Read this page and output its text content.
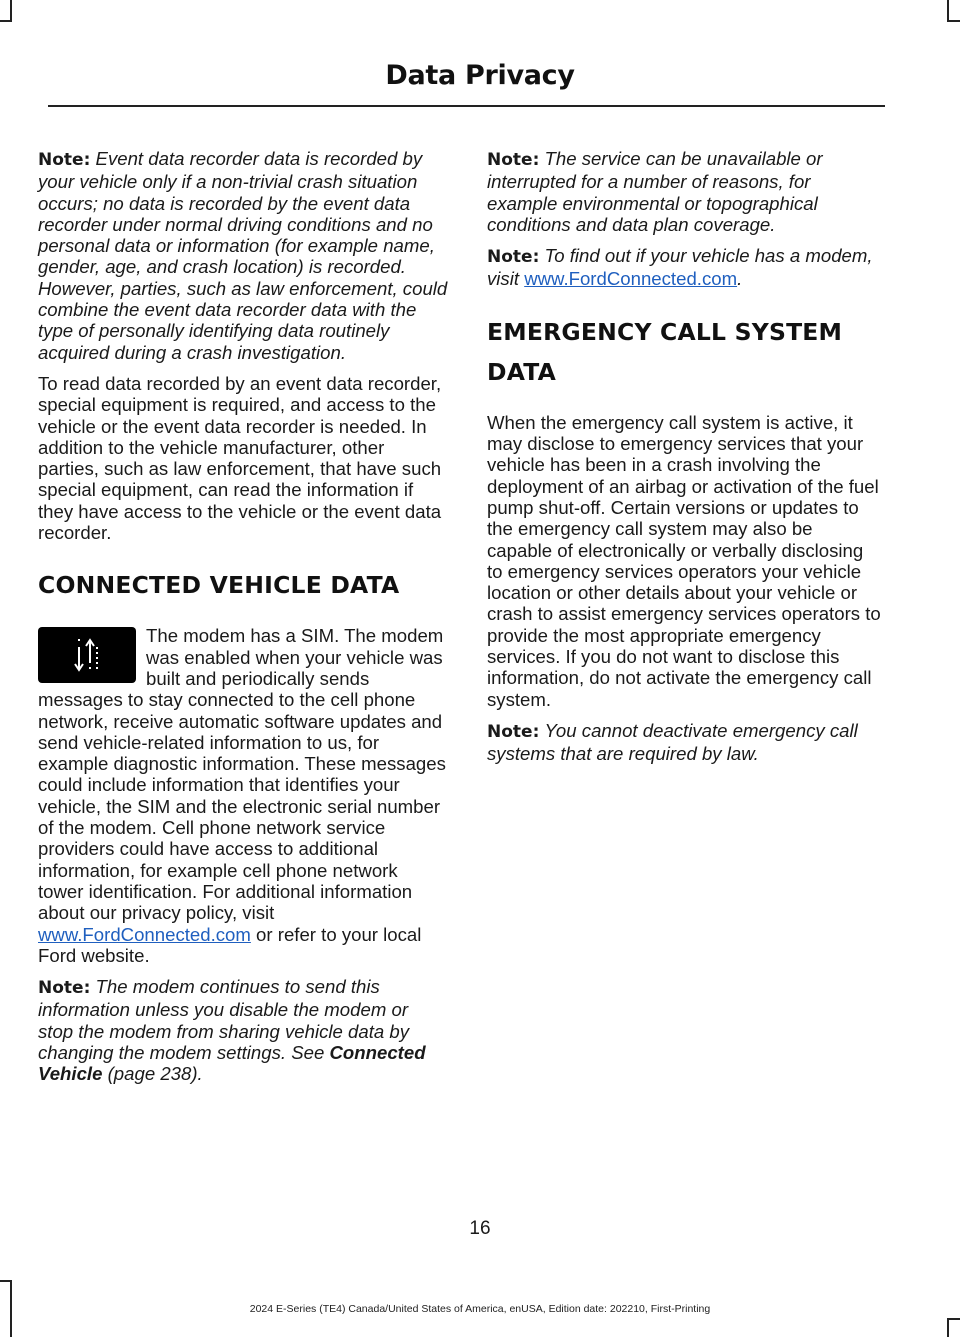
Data Privacy

Note: Event data recorder data is recorded by your vehicle only if a non-trivial crash situation occurs; no data is recorded by the event data recorder under normal driving conditions and no personal data or information (for example name, gender, age, and crash location) is recorded. However, parties, such as law enforcement, could combine the event data recorder data with the type of personally identifying data routinely acquired during a crash investigation.

To read data recorded by an event data recorder, special equipment is required, and access to the vehicle or the event data recorder is needed. In addition to the vehicle manufacturer, other parties, such as law enforcement, that have such special equipment, can read the information if they have access to the vehicle or the event data recorder.

CONNECTED VEHICLE DATA

The modem has a SIM. The modem was enabled when your vehicle was built and periodically sends messages to stay connected to the cell phone network, receive automatic software updates and send vehicle-related information to us, for example diagnostic information. These messages could include information that identifies your vehicle, the SIM and the electronic serial number of the modem. Cell phone network service providers could have access to additional information, for example cell phone network tower identification. For additional information about our privacy policy, visit www.FordConnected.com or refer to your local Ford website.

Note: The modem continues to send this information unless you disable the modem or stop the modem from sharing vehicle data by changing the modem settings. See Connected Vehicle (page 238).

Note: The service can be unavailable or interrupted for a number of reasons, for example environmental or topographical conditions and data plan coverage.

Note: To find out if your vehicle has a modem, visit www.FordConnected.com.

EMERGENCY CALL SYSTEM
DATA

When the emergency call system is active, it may disclose to emergency services that your vehicle has been in a crash involving the deployment of an airbag or activation of the fuel pump shut-off. Certain versions or updates to the emergency call system may also be capable of electronically or verbally disclosing to emergency services operators your vehicle location or other details about your vehicle or crash to assist emergency services operators to provide the most appropriate emergency services. If you do not want to disclose this information, do not activate the emergency call system.

Note: You cannot deactivate emergency call systems that are required by law.

16
2024 E-Series (TE4) Canada/United States of America, enUSA, Edition date: 202210, First-Printing
